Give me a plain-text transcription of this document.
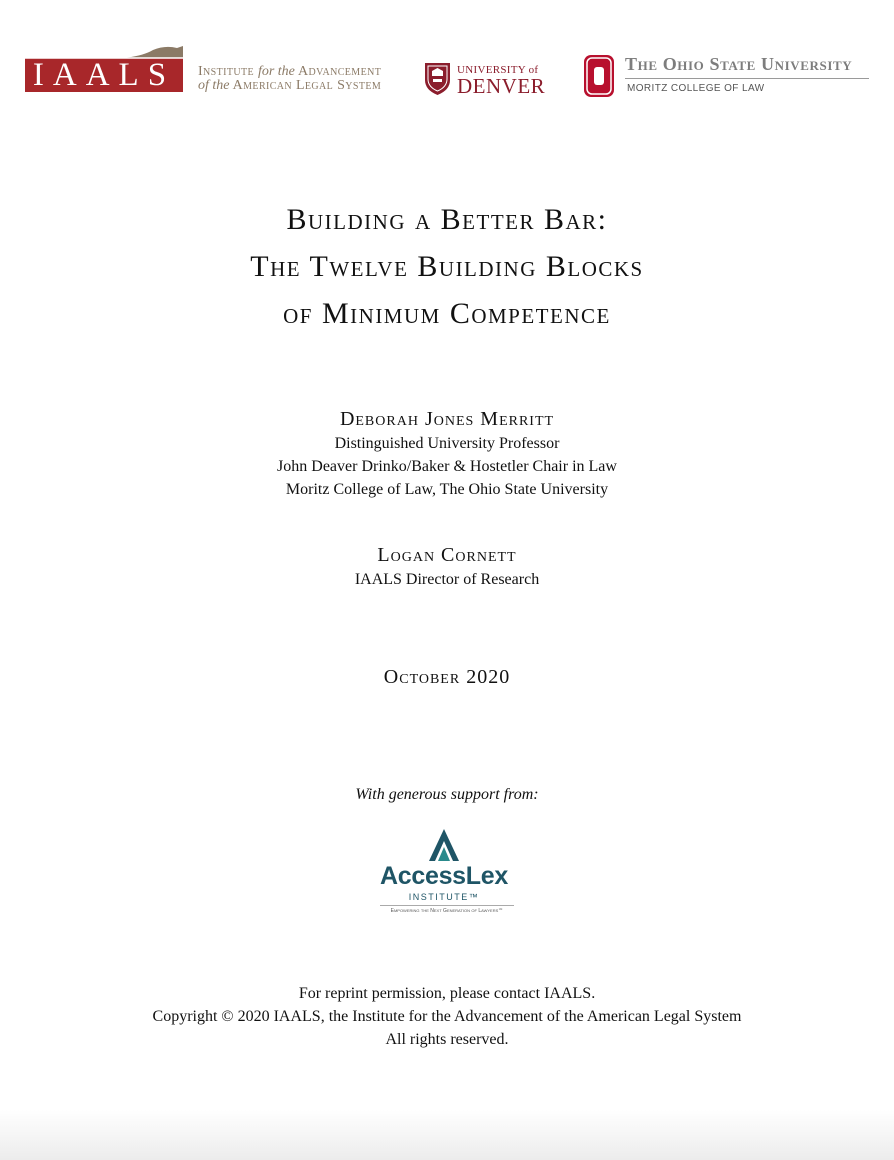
IAALS	Institute for the Advancement
of the American Legal System
UNIVERSITY of
DENVER
The Ohio State University
MORITZ COLLEGE OF LAW
Building a Better Bar:
The Twelve Building Blocks
of Minimum Competence
Deborah Jones Merritt
Distinguished University Professor
John Deaver Drinko/Baker & Hostetler Chair in Law
Moritz College of Law, The Ohio State University
Logan Cornett
IAALS Director of Research
October 2020
With generous support from:
AccessLex
INSTITUTE™
Empowering the Next Generation of Lawyers℠
For reprint permission, please contact IAALS.
Copyright © 2020 IAALS, the Institute for the Advancement of the American Legal System
All rights reserved.
